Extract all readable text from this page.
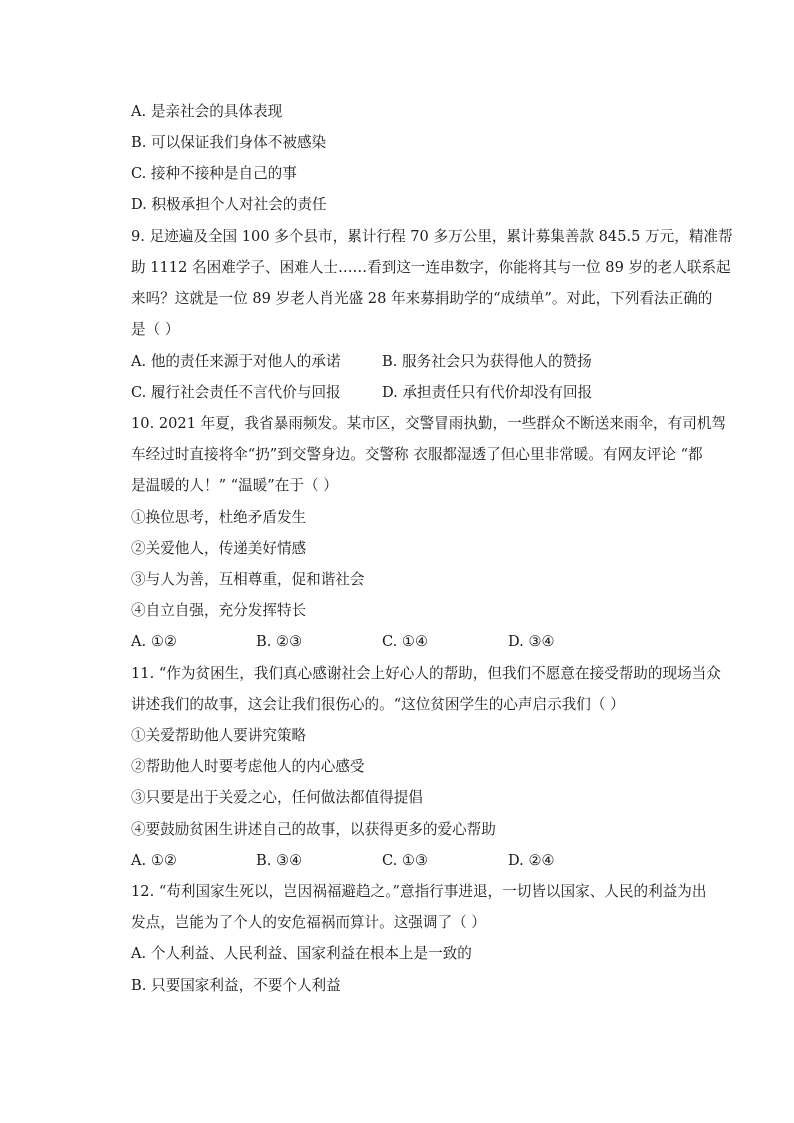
A. 是亲社会的具体表现
B. 可以保证我们身体不被感染
C. 接种不接种是自己的事
D. 积极承担个人对社会的责任
9. 足迹遍及全国 100 多个县市，累计行程 70 多万公里，累计募集善款 845.5 万元，精准帮
助 1112 名困难学子、困难人士……看到这一连串数字，你能将其与一位 89 岁的老人联系起
来吗？这就是一位 89 岁老人肖光盛 28 年来募捐助学的“成绩单”。对此，下列看法正确的
是（ ）
A. 他的责任来源于对他人的承诺	B. 服务社会只为获得他人的赞扬
C. 履行社会责任不言代价与回报	D. 承担责任只有代价却没有回报
10. 2021 年夏，我省暴雨频发。某市区，交警冒雨执勤，一些群众不断送来雨伞，有司机驾
车经过时直接将伞“扔”到交警身边。交警称 衣服都湿透了但心里非常暖。有网友评论 “都
是温暖的人！” “温暖”在于（ ）
①换位思考，杜绝矛盾发生
②关爱他人，传递美好情感
③与人为善，互相尊重，促和谐社会
④自立自强，充分发挥特长
A. ①②	B. ②③	C. ①④	D. ③④
11. “作为贫困生，我们真心感谢社会上好心人的帮助，但我们不愿意在接受帮助的现场当众
讲述我们的故事，这会让我们很伤心的。“这位贫困学生的心声启示我们（ ）
①关爱帮助他人要讲究策略
②帮助他人时要考虑他人的内心感受
③只要是出于关爱之心，任何做法都值得提倡
④要鼓励贫困生讲述自己的故事，以获得更多的爱心帮助
A. ①②	B. ③④	C. ①③	D. ②④
12. “苟利国家生死以，岂因祸福避趋之。”意指行事进退，一切皆以国家、人民的利益为出
发点，岂能为了个人的安危福祸而算计。这强调了（ ）
A. 个人利益、人民利益、国家利益在根本上是一致的
B. 只要国家利益，不要个人利益
